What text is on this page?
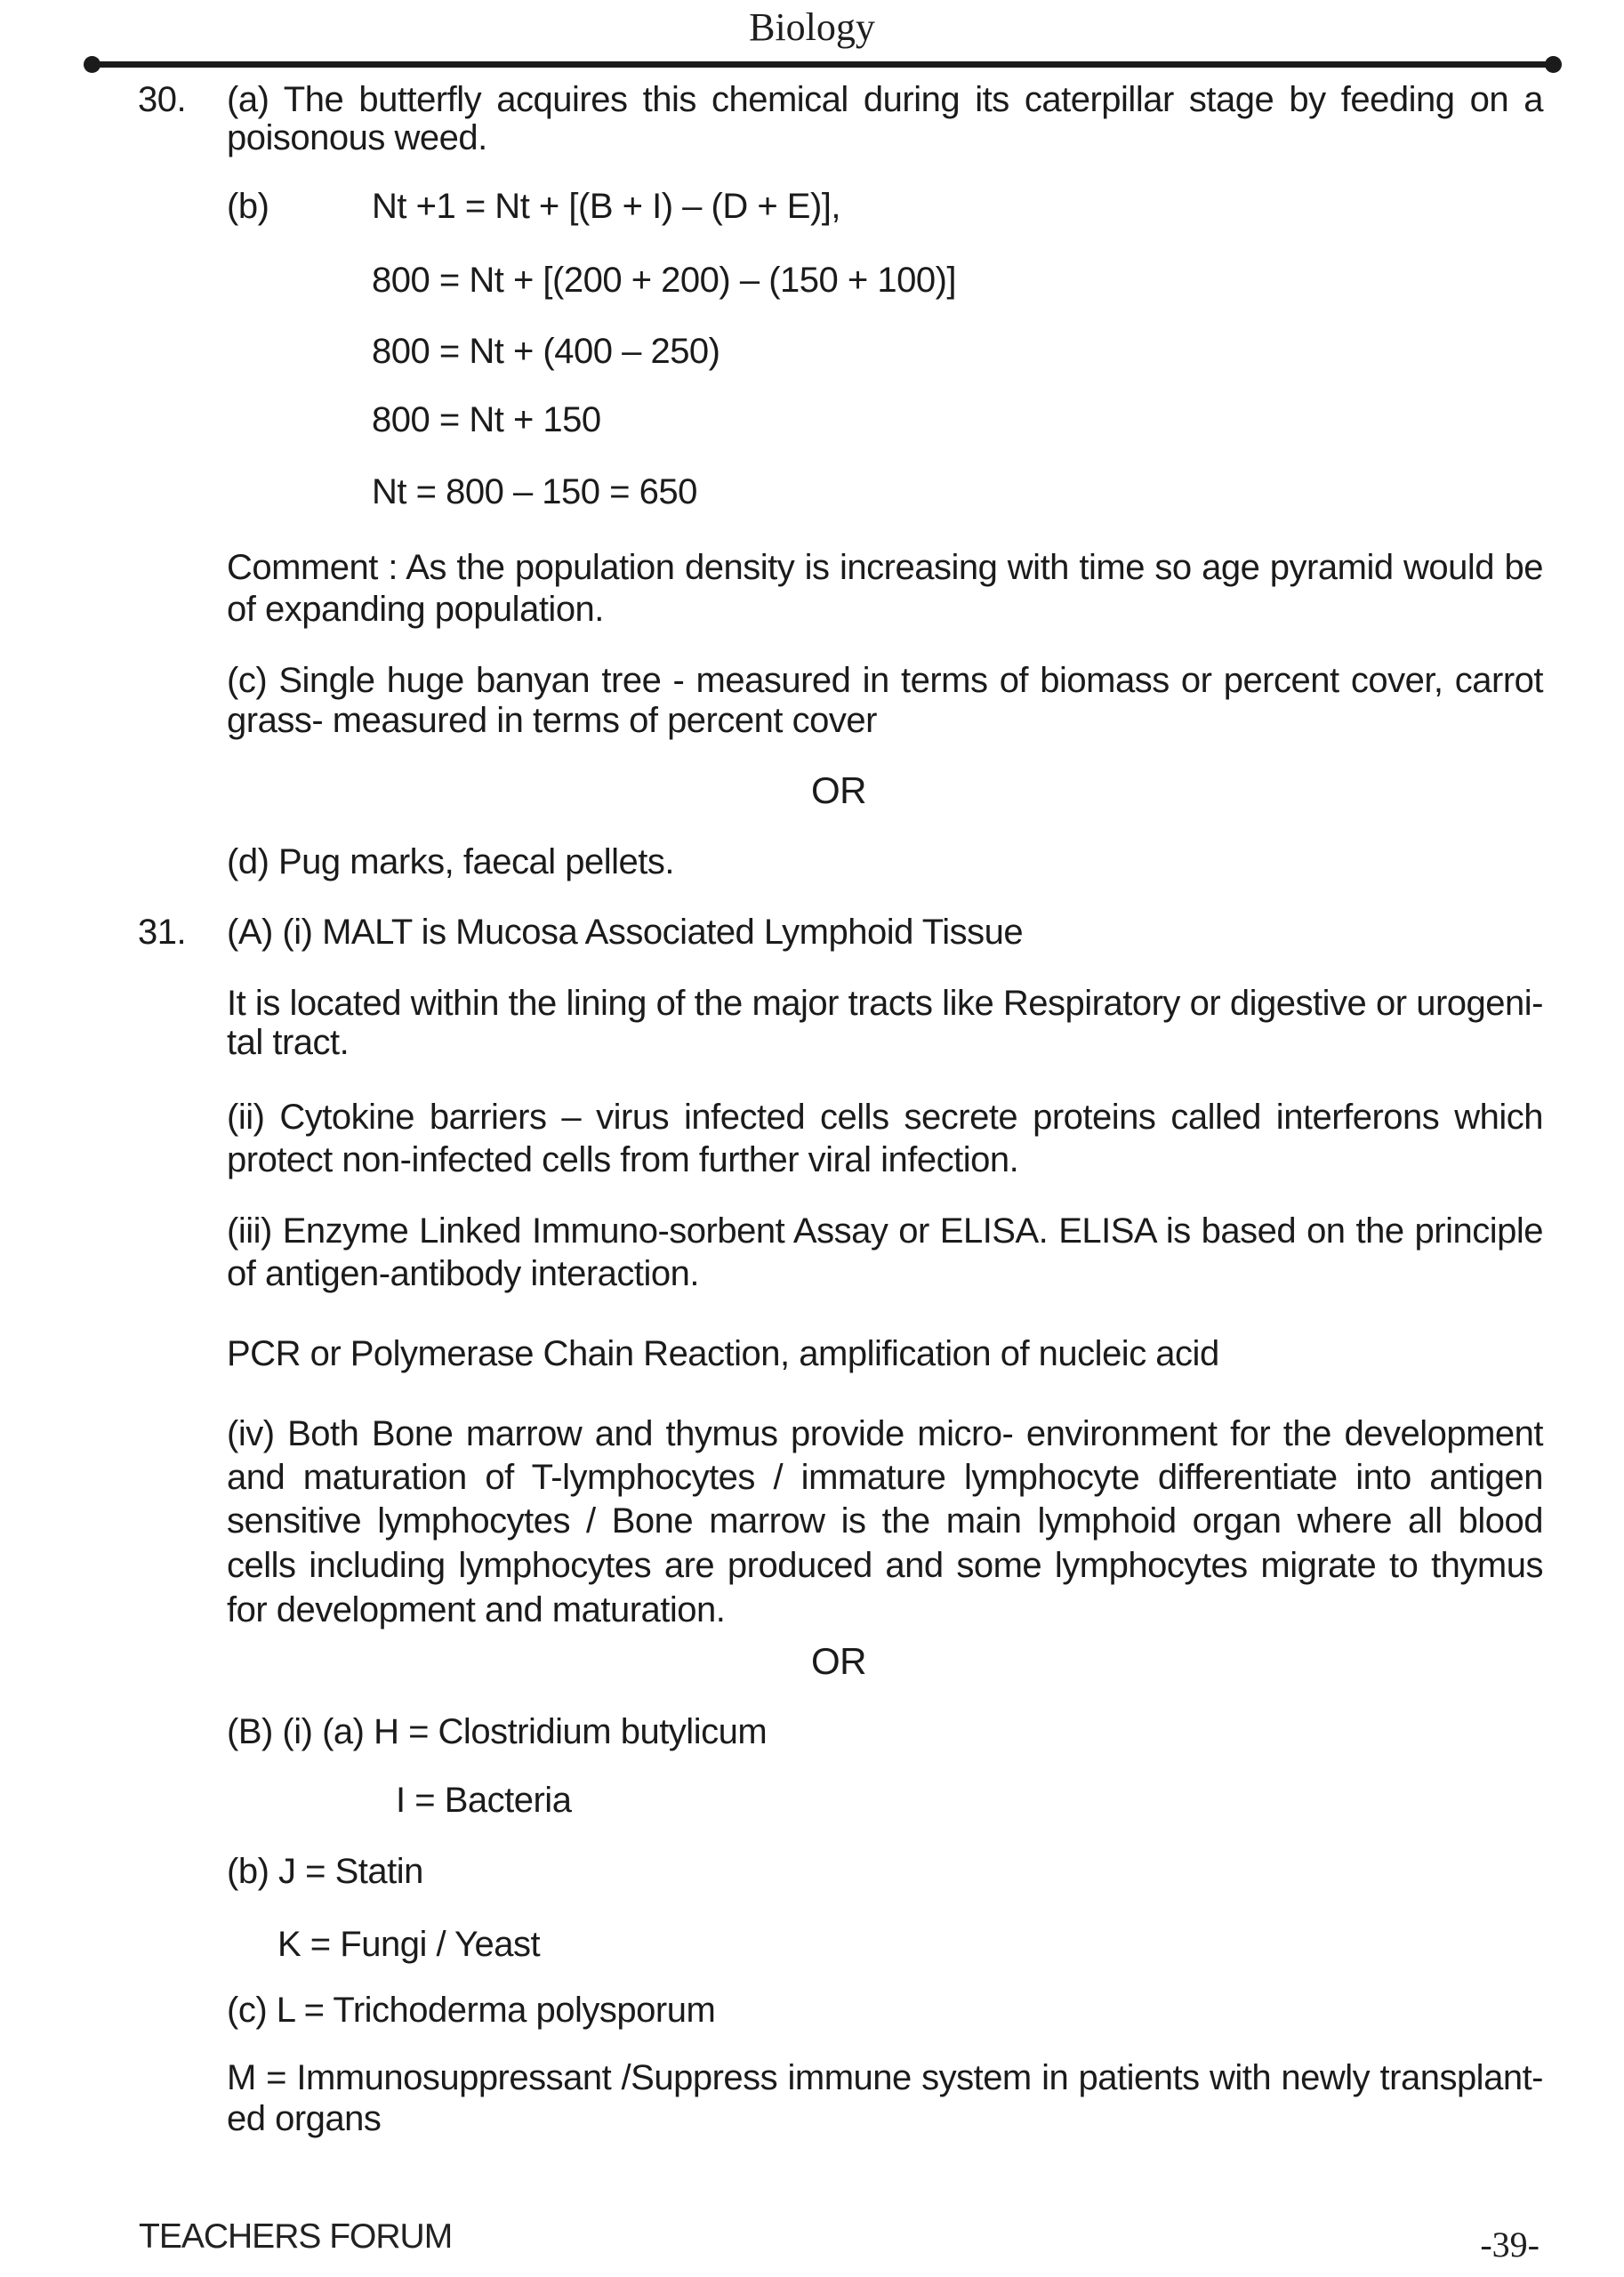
Biology
30.	(a) The butterfly acquires this chemical during its caterpillar stage by feeding on a
poisonous weed.
(b)	Nt +1 = Nt + [(B + I) – (D + E)],
800 = Nt + [(200 + 200) – (150 + 100)]
800 = Nt + (400 – 250)
800 = Nt + 150
Nt = 800 – 150 = 650
Comment : As the population density is increasing with time so age pyramid would be
of expanding population.
(c) Single huge banyan tree - measured in terms of biomass or percent cover, carrot
grass- measured in terms of percent cover
OR
(d) Pug marks, faecal pellets.
31.	(A) (i) MALT is Mucosa Associated Lymphoid Tissue
It is located within the lining of the major tracts like Respiratory or digestive or urogeni-
tal tract.
(ii) Cytokine barriers – virus infected cells secrete proteins called interferons which
protect non-infected cells from further viral infection.
(iii) Enzyme Linked Immuno-sorbent Assay or ELISA. ELISA is based on the principle
of antigen-antibody interaction.
PCR or Polymerase Chain Reaction, amplification of nucleic acid
(iv) Both Bone marrow and thymus provide micro- environment for the development
and maturation of T-lymphocytes / immature lymphocyte differentiate into antigen
sensitive lymphocytes / Bone marrow is the main lymphoid organ where all blood
cells including lymphocytes are produced and some lymphocytes migrate to thymus
for development and maturation.
OR
(B) (i) (a) H = Clostridium butylicum
I = Bacteria
(b) J = Statin
K = Fungi / Yeast
(c) L = Trichoderma polysporum
M = Immunosuppressant /Suppress immune system in patients with newly transplant-
ed organs
TEACHERS FORUM	-39-
